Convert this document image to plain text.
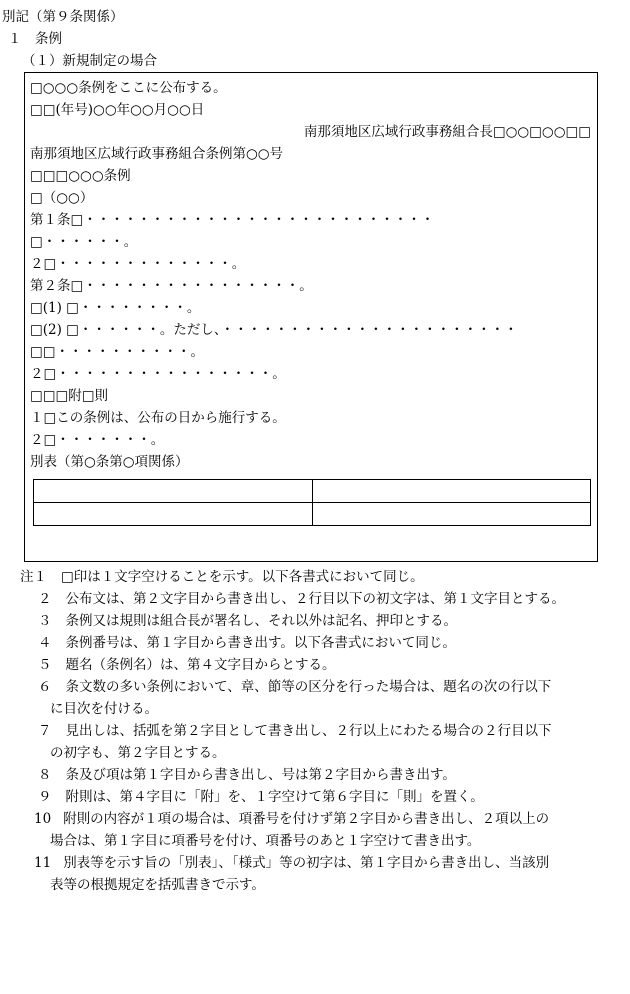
別記（第９条関係）
１　条例
（１）新規制定の場合
□○○○条例をここに公布する。
□□(年号)○○年○○月○○日
南那須地区広域行政事務組合長□○○□○○□□
南那須地区広域行政事務組合条例第○○号
□□□○○○条例
□（○○）
第１条□・・・・・・・・・・・・・・・・・・・・・・・・・・
□・・・・・・。
２□・・・・・・・・・・・・・。
第２条□・・・・・・・・・・・・・・・・。
□(1) □・・・・・・・・。
□(2) □・・・・・・。ただし、・・・・・・・・・・・・・・・・・・・・・・
□□・・・・・・・・・・。
２□・・・・・・・・・・・・・・・・。
□□□附□則
１□この条例は、公布の日から施行する。
２□・・・・・・・。
別表（第○条第○項関係）

注１ □印は１文字空けることを示す。以下各書式において同じ。
２ 公布文は、第２文字目から書き出し、２行目以下の初文字は、第１文字目とする。
３ 条例又は規則は組合長が署名し、それ以外は記名、押印とする。
４ 条例番号は、第１字目から書き出す。以下各書式において同じ。
５ 題名（条例名）は、第４文字目からとする。
６ 条文数の多い条例において、章、節等の区分を行った場合は、題名の次の行以下
に目次を付ける。
７ 見出しは、括弧を第２字目として書き出し、２行以上にわたる場合の２行目以下
の初字も、第２字目とする。
８ 条及び項は第１字目から書き出し、号は第２字目から書き出す。
９ 附則は、第４字目に「附」を、１字空けて第６字目に「則」を置く。
10 附則の内容が１項の場合は、項番号を付けず第２字目から書き出し、２項以上の
場合は、第１字目に項番号を付け、項番号のあと１字空けて書き出す。
11 別表等を示す旨の「別表」、「様式」等の初字は、第１字目から書き出し、当該別
表等の根拠規定を括弧書きで示す。
